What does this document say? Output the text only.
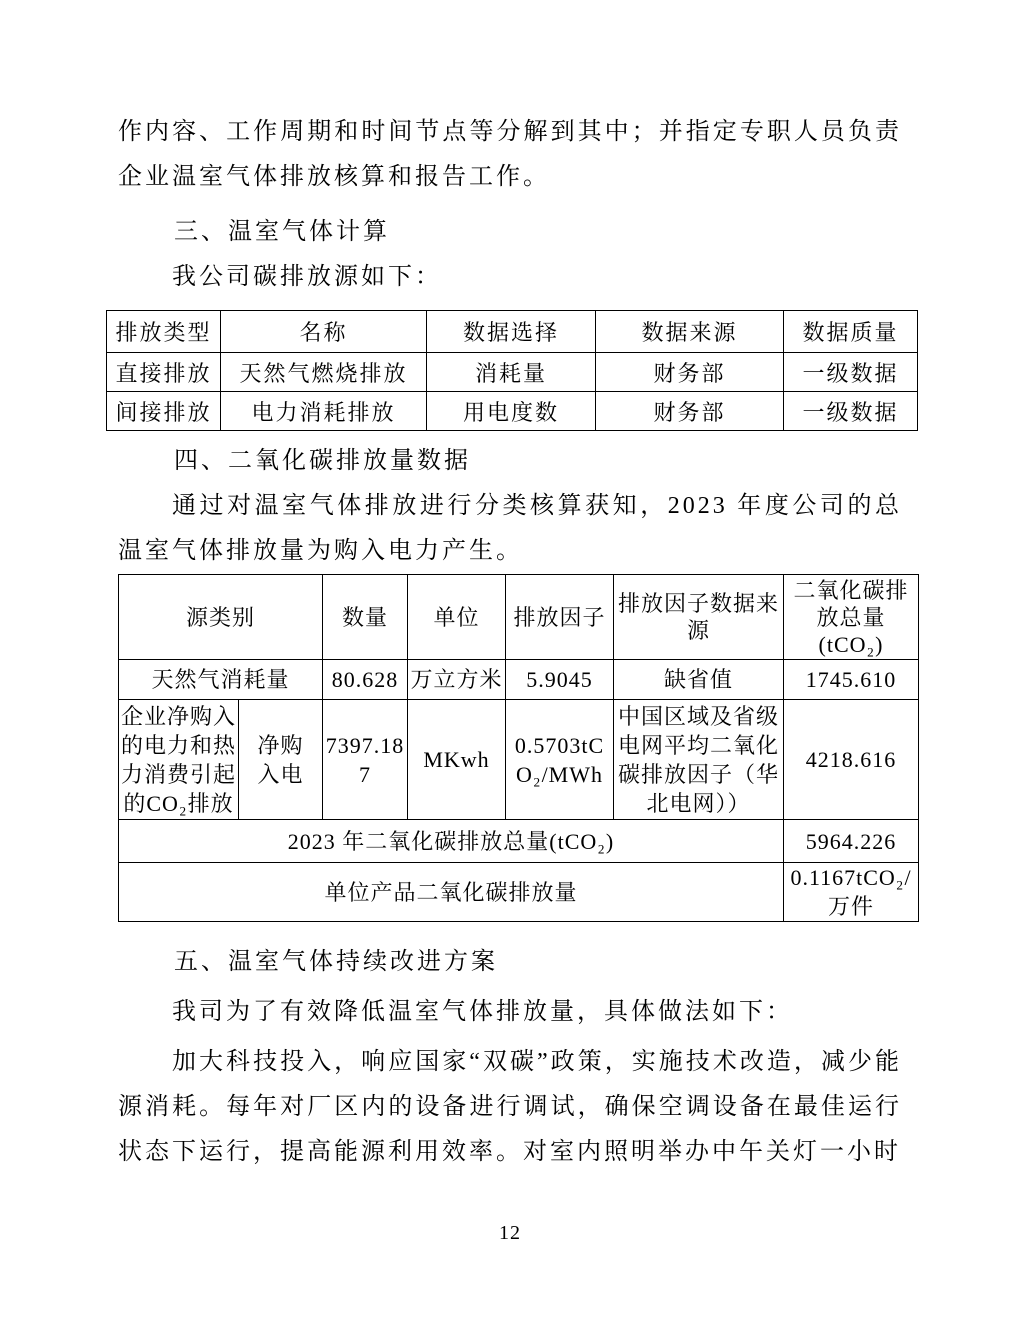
作内容、工作周期和时间节点等分解到其中；并指定专职人员负责企业温室气体排放核算和报告工作。

三、温室气体计算

我公司碳排放源如下：

排放类型	名称	数据选择	数据来源	数据质量
直接排放	天然气燃烧排放	消耗量	财务部	一级数据
间接排放	电力消耗排放	用电度数	财务部	一级数据

四、二氧化碳排放量数据

通过对温室气体排放进行分类核算获知，2023 年度公司的总温室气体排放量为购入电力产生。

源类别		数量	单位	排放因子	排放因子数据来源	二氧化碳排放总量(tCO₂)
天然气消耗量		80.628	万立方米	5.9045	缺省值	1745.610
企业净购入的电力和热力消费引起的CO₂排放	净购入电	7397.187	MKwh	0.5703tCO₂/MWh	中国区域及省级电网平均二氧化碳排放因子（华北电网））	4218.616
2023 年二氧化碳排放总量(tCO₂)						5964.226
单位产品二氧化碳排放量						0.1167tCO₂/万件

五、温室气体持续改进方案

我司为了有效降低温室气体排放量，具体做法如下：

加大科技投入，响应国家“双碳”政策，实施技术改造，减少能源消耗。每年对厂区内的设备进行调试，确保空调设备在最佳运行状态下运行，提高能源利用效率。对室内照明举办中午关灯一小时

12
